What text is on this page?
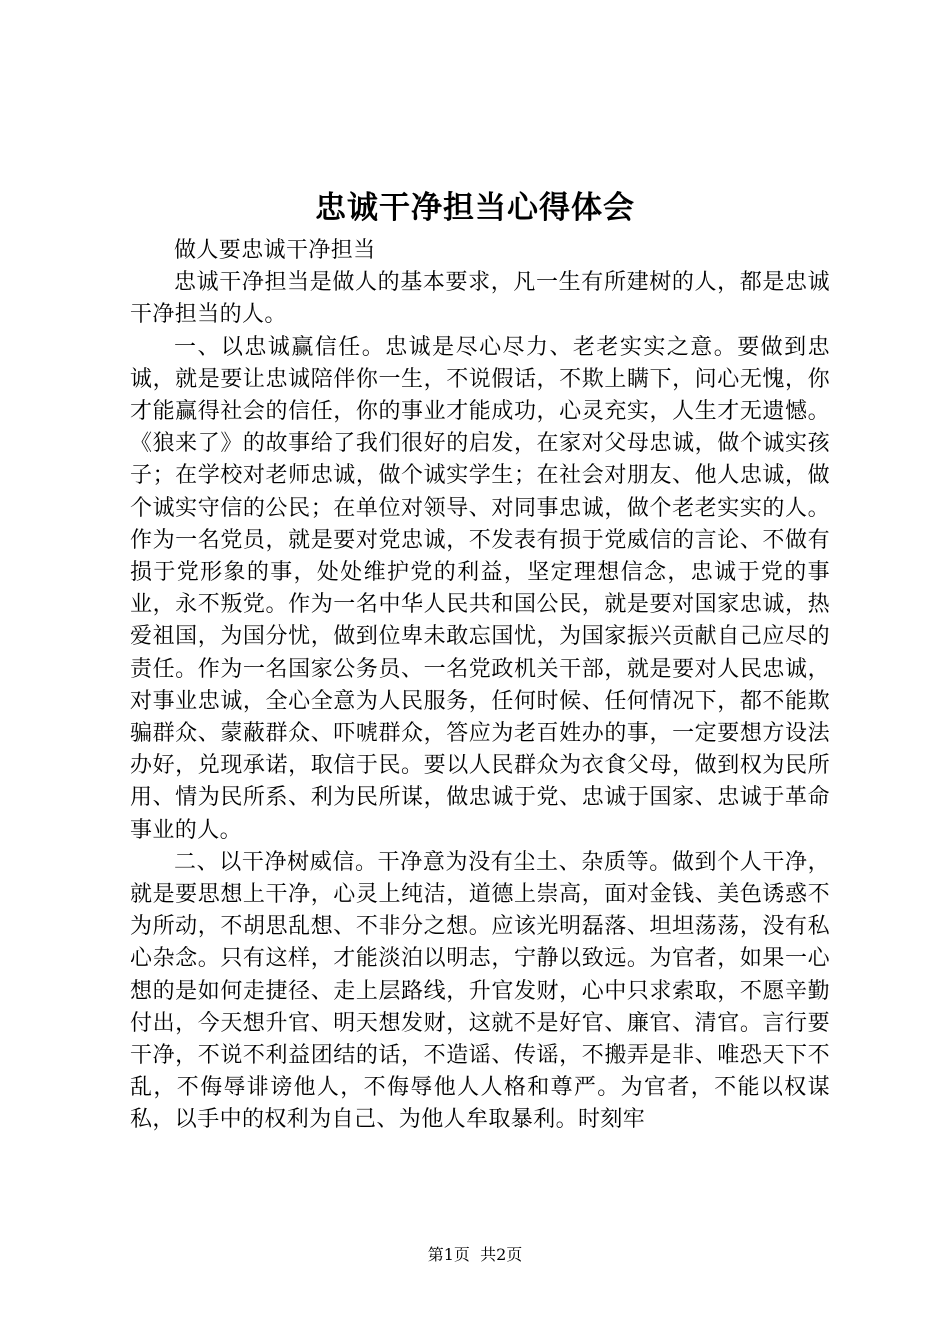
忠诚干净担当心得体会

做人要忠诚干净担当

忠诚干净担当是做人的基本要求，凡一生有所建树的人，都是忠诚干净担当的人。

一、以忠诚赢信任。忠诚是尽心尽力、老老实实之意。要做到忠诚，就是要让忠诚陪伴你一生，不说假话，不欺上瞒下，问心无愧，你才能赢得社会的信任，你的事业才能成功，心灵充实，人生才无遗憾。《狼来了》的故事给了我们很好的启发，在家对父母忠诚，做个诚实孩子；在学校对老师忠诚，做个诚实学生；在社会对朋友、他人忠诚，做个诚实守信的公民；在单位对领导、对同事忠诚，做个老老实实的人。作为一名党员，就是要对党忠诚，不发表有损于党威信的言论、不做有损于党形象的事，处处维护党的利益，坚定理想信念，忠诚于党的事业，永不叛党。作为一名中华人民共和国公民，就是要对国家忠诚，热爱祖国，为国分忧，做到位卑未敢忘国忧，为国家振兴贡献自己应尽的责任。作为一名国家公务员、一名党政机关干部，就是要对人民忠诚，对事业忠诚，全心全意为人民服务，任何时候、任何情况下，都不能欺骗群众、蒙蔽群众、吓唬群众，答应为老百姓办的事，一定要想方设法办好，兑现承诺，取信于民。要以人民群众为衣食父母，做到权为民所用、情为民所系、利为民所谋，做忠诚于党、忠诚于国家、忠诚于革命事业的人。

二、以干净树威信。干净意为没有尘土、杂质等。做到个人干净，就是要思想上干净，心灵上纯洁，道德上崇高，面对金钱、美色诱惑不为所动，不胡思乱想、不非分之想。应该光明磊落、坦坦荡荡，没有私心杂念。只有这样，才能淡泊以明志，宁静以致远。为官者，如果一心想的是如何走捷径、走上层路线，升官发财，心中只求索取，不愿辛勤付出，今天想升官、明天想发财，这就不是好官、廉官、清官。言行要干净，不说不利益团结的话，不造谣、传谣，不搬弄是非、唯恐天下不乱，不侮辱诽谤他人，不侮辱他人人格和尊严。为官者，不能以权谋私，以手中的权利为自己、为他人牟取暴利。时刻牢

第1页  共2页
